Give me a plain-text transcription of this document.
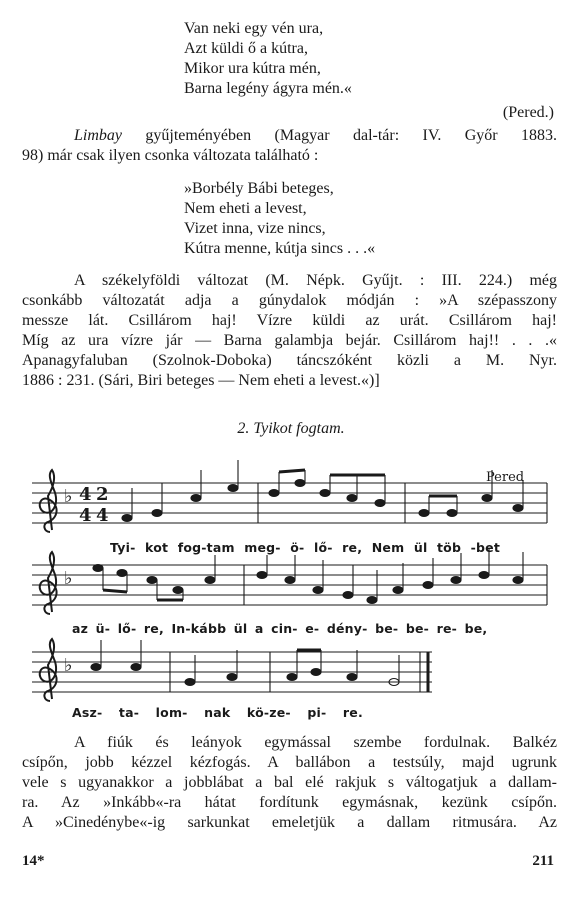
Van neki egy vén ura,
Azt küldi ő a kútra,
Mikor ura kútra mén,
Barna legény ágyra mén.«
(Pered.)
Limbay gyűjteményében (Magyar dal-tár: IV. Győr 1883.
98) már csak ilyen csonka változata található :
»Borbély Bábi beteges,
Nem eheti a levest,
Vizet inna, vize nincs,
Kútra menne, kútja sincs . . .«
A székelyföldi változat (M. Népk. Gyűjt. : III. 224.) még
csonkább változatát adja a gúnydalok módján : »A szépasszony
messze lát. Csillárom haj! Vízre küldi az urát. Csillárom haj!
Míg az ura vízre jár — Barna galambja bejár. Csillárom haj!! . . .«
Apanagyfaluban (Szolnok-Doboka) táncszóként közli a M. Nyr.
1886 : 231. (Sári, Biri beteges — Nem eheti a levest.«)]
2. Tyikot fogtam.
♭
♭
♭
4
4
2
4
Pered
Tyi- kot fog-tam meg- ö- lő- re, Nem ül töb -bet
az ü- lő- re, In-kább ül a cin- e- dény- be- be- re- be,
Asz- ta- lom- nak kö-ze- pi- re.
A fiúk és leányok egymással szembe fordulnak. Balkéz
csípőn, jobb kézzel kézfogás. A ballábon a testsúly, majd ugrunk
vele s ugyanakkor a jobblábat a bal elé rakjuk s váltogatjuk a dallam-
ra. Az »Inkább«-ra hátat fordítunk egymásnak, kezünk csípőn.
A »Cinedénybe«-ig sarkunkat emeletjük a dallam ritmusára. Az
14*	211
